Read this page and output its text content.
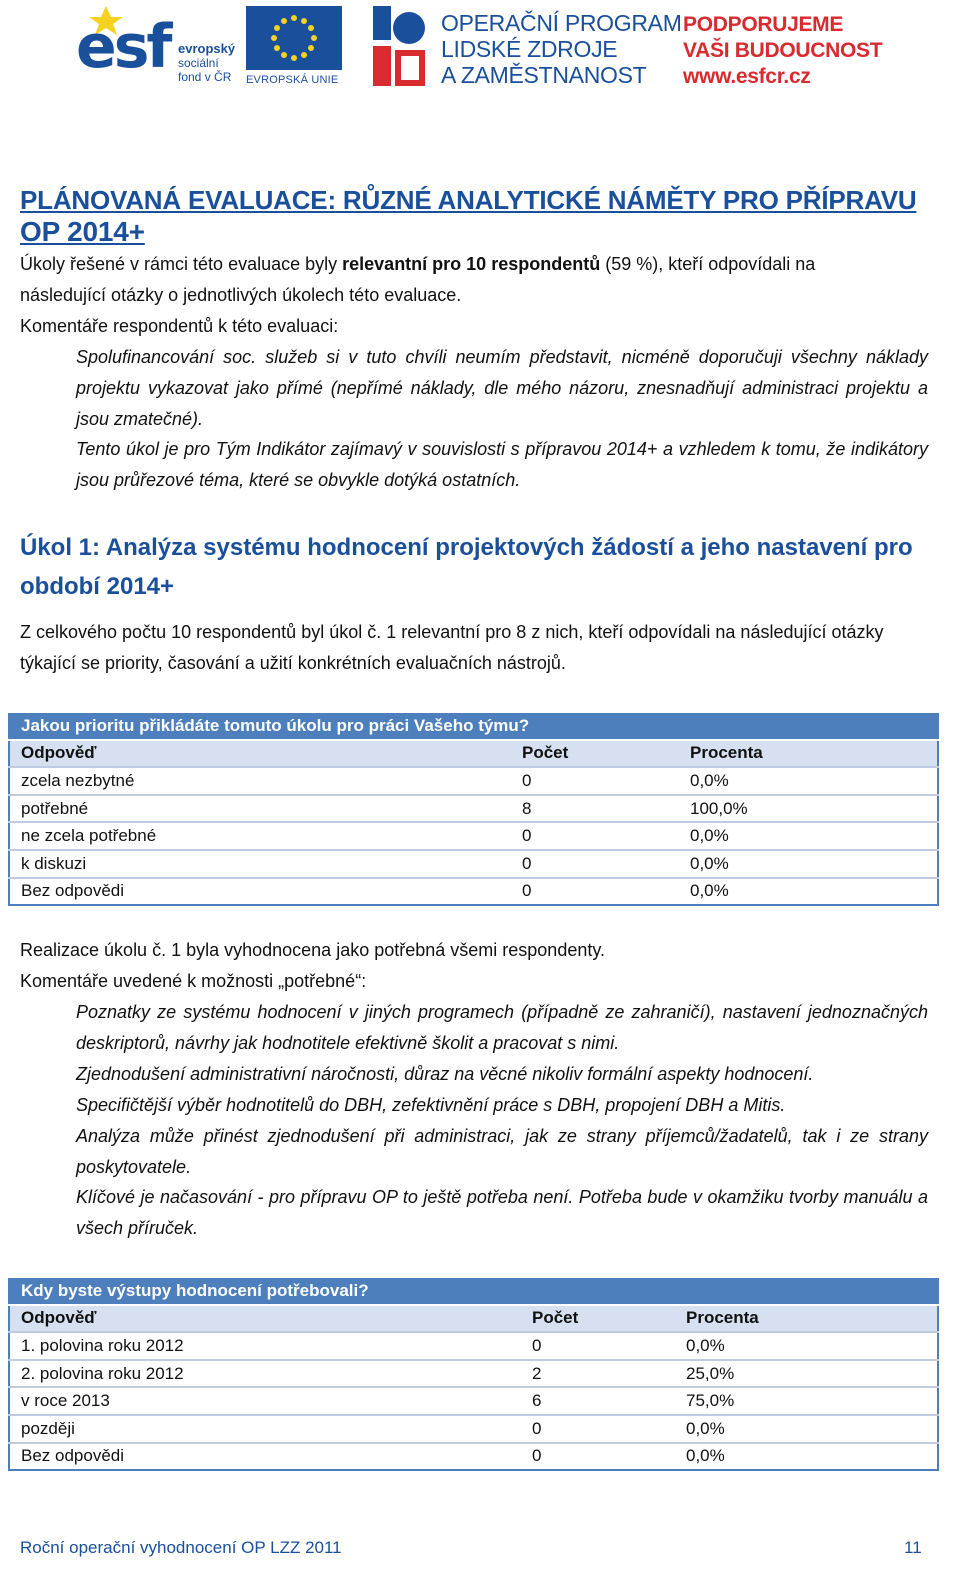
esf evropský
sociální
fond v ČR	EVROPSKÁ UNIE
OPERAČNÍ PROGRAM
LIDSKÉ ZDROJE
A ZAMĚSTNANOST
PODPORUJEME
VAŠI BUDOUCNOST
www.esfcr.cz
PLÁNOVANÁ EVALUACE: RŮZNÉ ANALYTICKÉ NÁMĚTY PRO PŘÍPRAVU OP 2014+
Úkoly řešené v rámci této evaluace byly relevantní pro 10 respondentů (59 %), kteří odpovídali na
následující otázky o jednotlivých úkolech této evaluace.
Komentáře respondentů k této evaluaci:
Spolufinancování soc. služeb si v tuto chvíli neumím představit, nicméně doporučuji všechny náklady projektu vykazovat jako přímé (nepřímé náklady, dle mého názoru, znesnadňují administraci projektu a jsou zmatečné).
Tento úkol je pro Tým Indikátor zajímavý v souvislosti s přípravou 2014+ a vzhledem k tomu, že indikátory jsou průřezové téma, které se obvykle dotýká ostatních.
Úkol 1: Analýza systému hodnocení projektových žádostí a jeho nastavení pro období 2014+
Z celkového počtu 10 respondentů byl úkol č. 1 relevantní pro 8 z nich, kteří odpovídali na následující otázky týkající se priority, časování a užití konkrétních evaluačních nástrojů.
Jakou prioritu přikládáte tomuto úkolu pro práci Vašeho týmu?		
Odpověď	Počet	Procenta
zcela nezbytné	0	0,0%
potřebné	8	100,0%
ne zcela potřebné	0	0,0%
k diskuzi	0	0,0%
Bez odpovědi	0	0,0%
Realizace úkolu č. 1 byla vyhodnocena jako potřebná všemi respondenty.
Komentáře uvedené k možnosti „potřebné“:
Poznatky ze systému hodnocení v jiných programech (případně ze zahraničí), nastavení jednoznačných deskriptorů, návrhy jak hodnotitele efektivně školit a pracovat s nimi.
Zjednodušení administrativní náročnosti, důraz na věcné nikoliv formální aspekty hodnocení.
Specifičtější výběr hodnotitelů do DBH, zefektivnění práce s DBH, propojení DBH a Mitis.
Analýza může přinést zjednodušení při administraci, jak ze strany příjemců/žadatelů, tak i ze strany poskytovatele.
Klíčové je načasování - pro přípravu OP to ještě potřeba není. Potřeba bude v okamžiku tvorby manuálu a všech příruček.
Kdy byste výstupy hodnocení potřebovali?		
Odpověď	Počet	Procenta
1. polovina roku 2012	0	0,0%
2. polovina roku 2012	2	25,0%
v roce 2013	6	75,0%
později	0	0,0%
Bez odpovědi	0	0,0%
Roční operační vyhodnocení OP LZZ 2011	11
